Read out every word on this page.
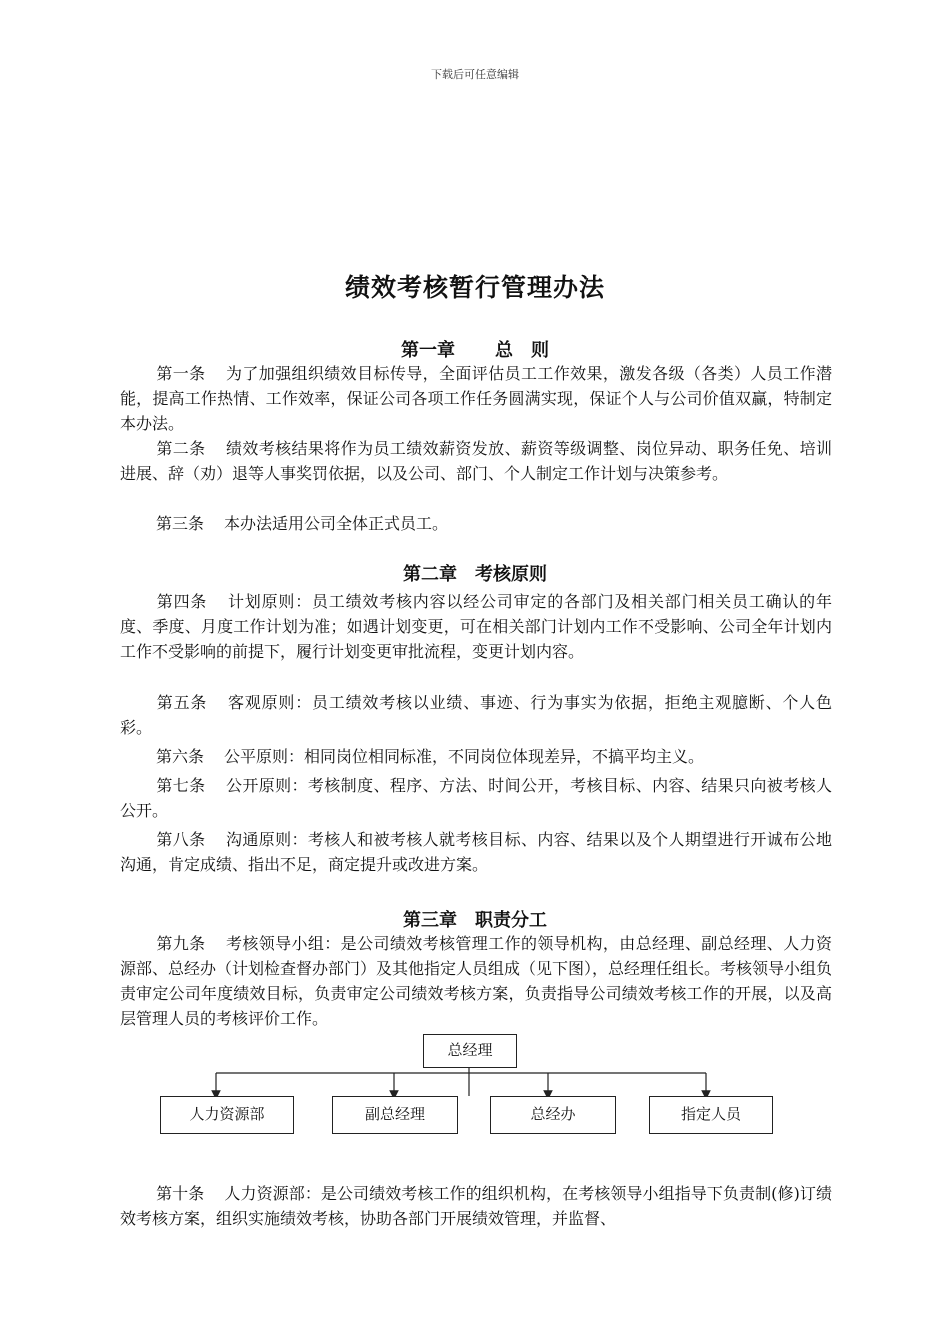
下载后可任意编辑
绩效考核暂行管理办法
第一章 总　则

第一条 为了加强组织绩效目标传导，全面评估员工工作效果，激发各级（各类）人员工作潜能，提高工作热情、工作效率，保证公司各项工作任务圆满实现，保证个人与公司价值双赢，特制定本办法。

第二条 绩效考核结果将作为员工绩效薪资发放、薪资等级调整、岗位异动、职务任免、培训进展、辞（劝）退等人事奖罚依据，以及公司、部门、个人制定工作计划与决策参考。

第三条 本办法适用公司全体正式员工。

第二章 考核原则

第四条 计划原则：员工绩效考核内容以经公司审定的各部门及相关部门相关员工确认的年度、季度、月度工作计划为准；如遇计划变更，可在相关部门计划内工作不受影响、公司全年计划内工作不受影响的前提下，履行计划变更审批流程，变更计划内容。

第五条 客观原则：员工绩效考核以业绩、事迹、行为事实为依据，拒绝主观臆断、个人色彩。

第六条 公平原则：相同岗位相同标准，不同岗位体现差异，不搞平均主义。

第七条 公开原则：考核制度、程序、方法、时间公开，考核目标、内容、结果只向被考核人公开。

第八条 沟通原则：考核人和被考核人就考核目标、内容、结果以及个人期望进行开诚布公地沟通，肯定成绩、指出不足，商定提升或改进方案。

第三章 职责分工

第九条 考核领导小组：是公司绩效考核管理工作的领导机构，由总经理、副总经理、人力资源部、总经办（计划检查督办部门）及其他指定人员组成（见下图），总经理任组长。考核领导小组负责审定公司年度绩效目标，负责审定公司绩效考核方案，负责指导公司绩效考核工作的开展，以及高层管理人员的考核评价工作。

总经理
人力资源部	副总经理	总经办	指定人员

第十条 人力资源部：是公司绩效考核工作的组织机构，在考核领导小组指导下负责制(修)订绩效考核方案，组织实施绩效考核，协助各部门开展绩效管理，并监督、
